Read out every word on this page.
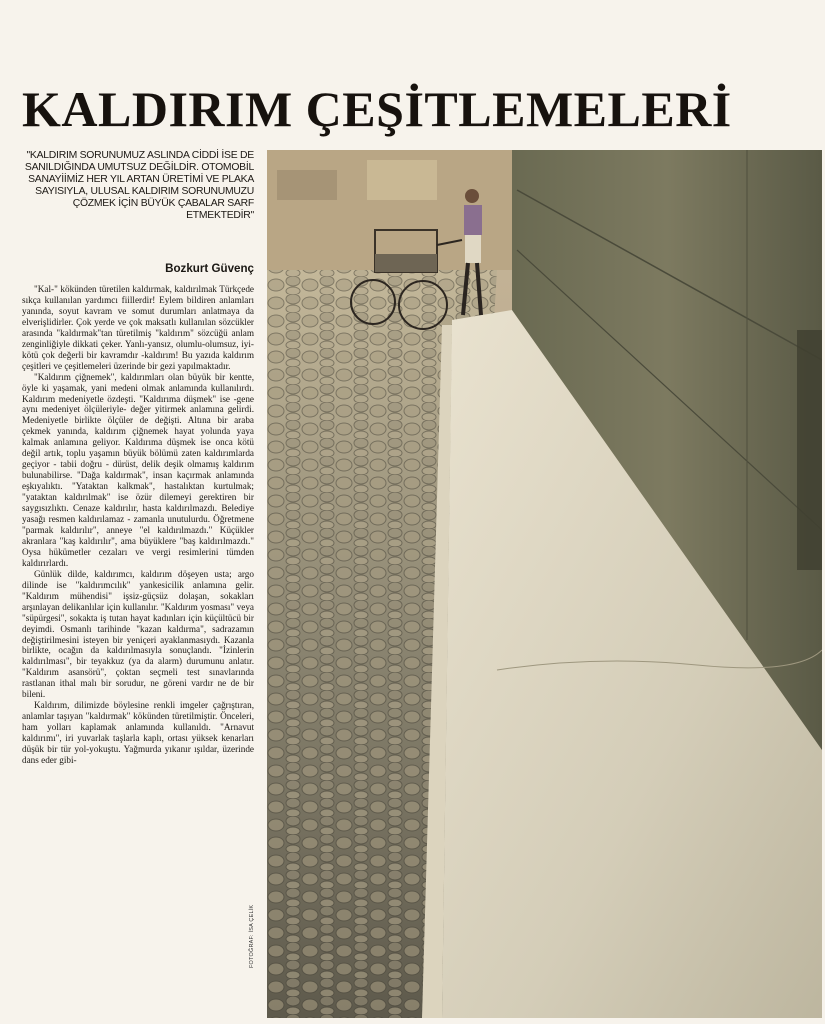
KALDIRIM ÇEŞİTLEMELERİ

"KALDIRIM SORUNUMUZ ASLINDA CİDDİ İSE DE SANILDIĞINDA UMUTSUZ DEĞİLDİR. OTOMOBİL SANAYİİMİZ HER YIL ARTAN ÜRETİMİ VE PLAKA SAYISIYLA, ULUSAL KALDIRIM SORUNUMUZU ÇÖZMEK İÇİN BÜYÜK ÇABALAR SARF ETMEKTEDİR"

Bozkurt Güvenç

"Kal-" kökünden türetilen kaldırmak, kaldırılmak Türkçede sıkça kullanılan yardımcı fiillerdir! Eylem bildiren anlamları yanında, soyut kavram ve somut durumları anlatmaya da elverişlidirler. Çok yerde ve çok maksatlı kullanılan sözcükler arasında "kaldırmak"tan türetilmiş "kaldırım" sözcüğü anlam zenginliğiyle dikkati çeker. Yanlı-yansız, olumlu-olumsuz, iyi-kötü çok değerli bir kavramdır -kaldırım! Bu yazıda kaldırım çeşitleri ve çeşitlemeleri üzerinde bir gezi yapılmaktadır.

"Kaldırım çiğnemek", kaldırımları olan büyük bir kentte, öyle ki yaşamak, yani medeni olmak anlamında kullanılırdı. Kaldırım medeniyetle özdeşti. "Kaldırıma düşmek" ise -gene aynı medeniyet ölçüleriyle- değer yitirmek anlamına gelirdi. Medeniyetle birlikte ölçüler de değişti. Altına bir araba çekmek yanında, kaldırım çiğnemek hayat yolunda yaya kalmak anlamına geliyor. Kaldırıma düşmek ise onca kötü değil artık, toplu yaşamın büyük bölümü zaten kaldırımlarda geçiyor - tabii doğru - dürüst, delik deşik olmamış kaldırım bulunabilirse. "Dağa kaldırmak", insan kaçırmak anlamında eşkıyalıktı. "Yataktan kalkmak", hastalıktan kurtulmak; "yataktan kaldırılmak" ise özür dilemeyi gerektiren bir saygısızlıktı. Cenaze kaldırılır, hasta kaldırılmazdı. Belediye yasağı resmen kaldırılamaz - zamanla unutulurdu. Öğretmene "parmak kaldırılır", anneye "el kaldırılmazdı." Küçükler akranlara "kaş kaldırılır", ama büyüklere "baş kaldırılmazdı." Oysa hükümetler cezaları ve vergi resimlerini tümden kaldırırlardı.

Günlük dilde, kaldırımcı, kaldırım döşeyen usta; argo dilinde ise "kaldırımcılık" yankesicilik anlamına gelir. "Kaldırım mühendisi" işsiz-güçsüz dolaşan, sokakları arşınlayan delikanlılar için kullanılır. "Kaldırım yosması" veya "süpürgesi", sokakta iş tutan hayat kadınları için küçültücü bir deyimdi. Osmanlı tarihinde "kazan kaldırma", sadrazamın değiştirilmesini isteyen bir yeniçeri ayaklanmasıydı. Kazanla birlikte, ocağın da kaldırılmasıyla sonuçlandı. "İzinlerin kaldırılması", bir teyakkuz (ya da alarm) durumunu anlatır. "Kaldırım asansörü", çoktan seçmeli test sınavlarında rastlanan ithal malı bir sorudur, ne göreni vardır ne de bir bileni.

Kaldırım, dilimizde böylesine renkli imgeler çağrıştıran, anlamlar taşıyan "kaldırmak" kökünden türetilmiştir. Önceleri, ham yolları kaplamak anlamında kullanıldı. "Arnavut kaldırımı", iri yuvarlak taşlarla kaplı, ortası yüksek kenarları düşük bir tür yol-yokuştu. Yağmurda yıkanır ışıldar, üzerinde dans eder gibi-

FOTOĞRAF: İSA ÇELİK
